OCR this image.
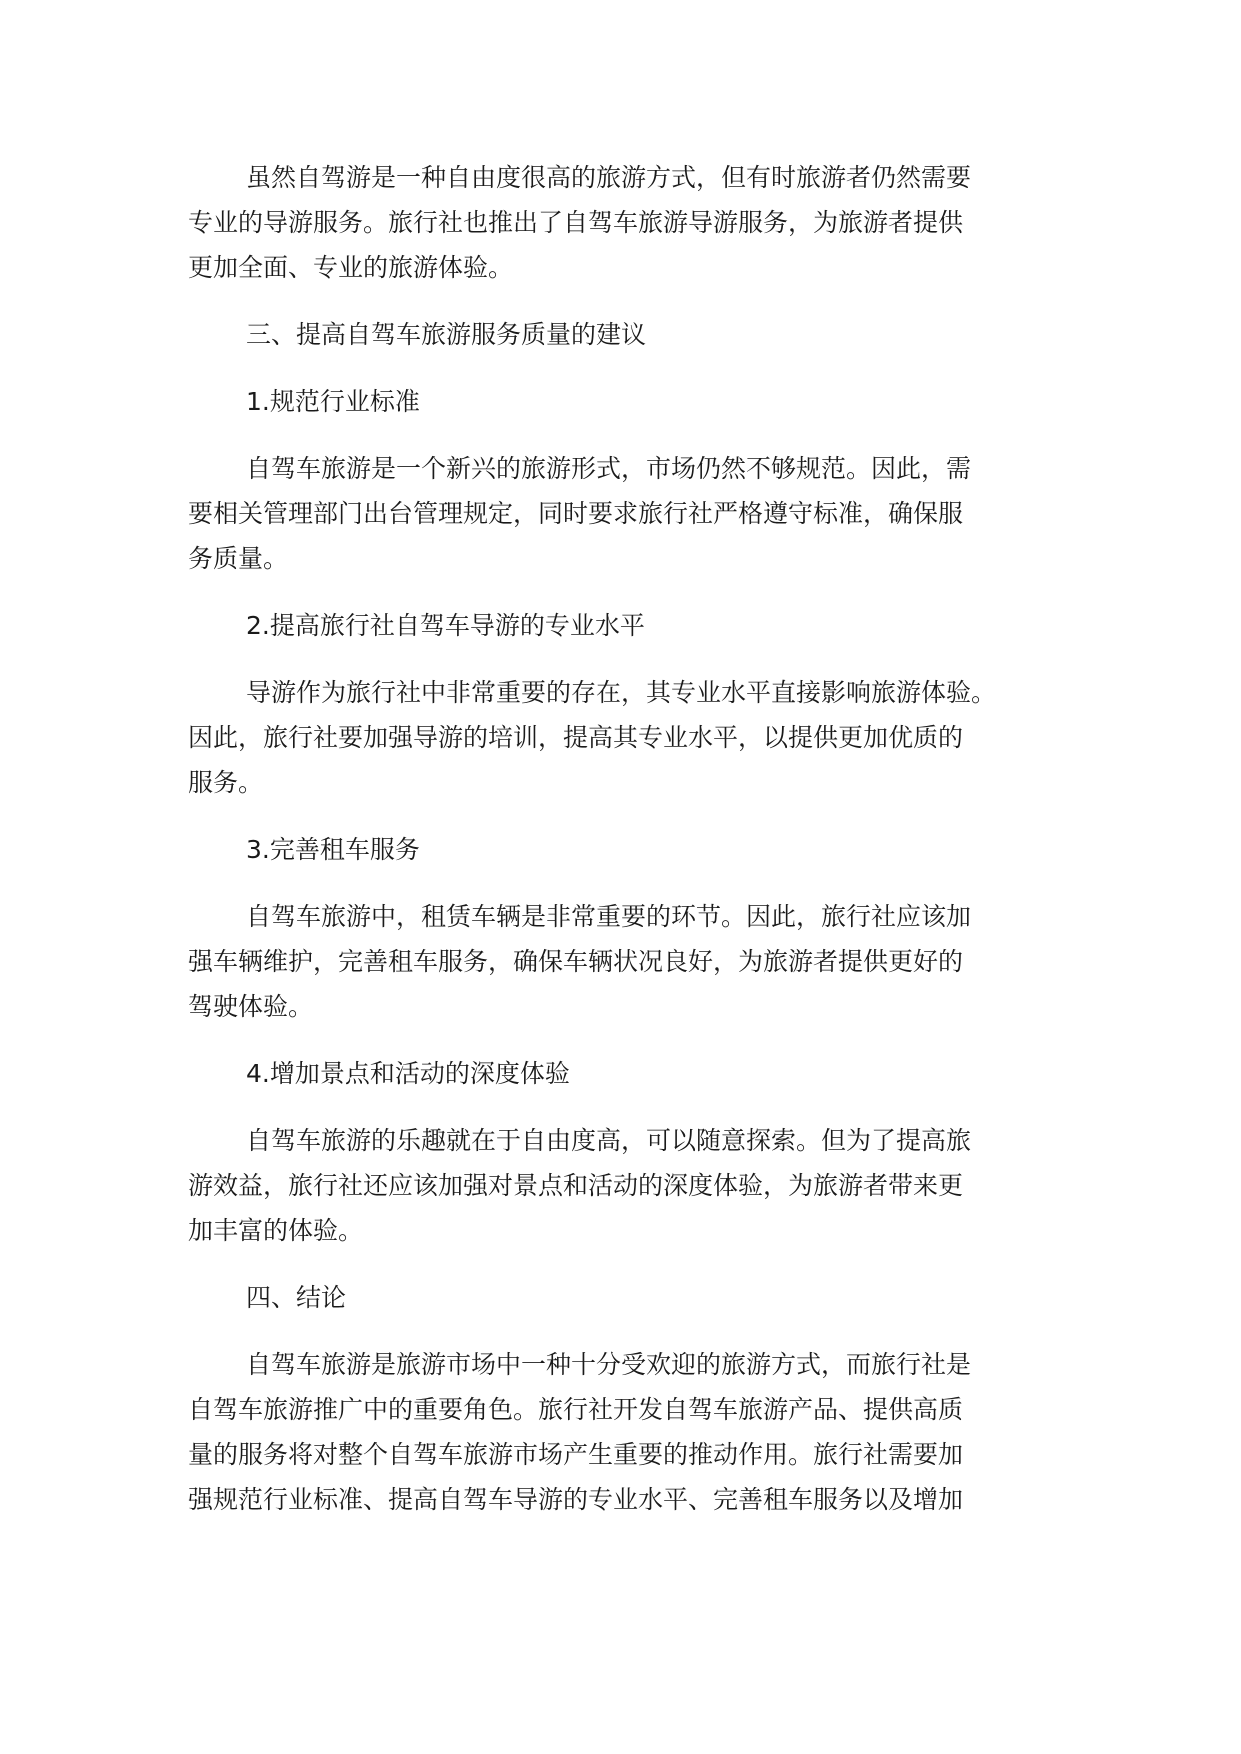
虽然自驾游是一种自由度很高的旅游方式，但有时旅游者仍然需要
专业的导游服务。旅行社也推出了自驾车旅游导游服务，为旅游者提供
更加全面、专业的旅游体验。
三、提高自驾车旅游服务质量的建议
1.规范行业标准
自驾车旅游是一个新兴的旅游形式，市场仍然不够规范。因此，需
要相关管理部门出台管理规定，同时要求旅行社严格遵守标准，确保服
务质量。
2.提高旅行社自驾车导游的专业水平
导游作为旅行社中非常重要的存在，其专业水平直接影响旅游体验。
因此，旅行社要加强导游的培训，提高其专业水平，以提供更加优质的
服务。
3.完善租车服务
自驾车旅游中，租赁车辆是非常重要的环节。因此，旅行社应该加
强车辆维护，完善租车服务，确保车辆状况良好，为旅游者提供更好的
驾驶体验。
4.增加景点和活动的深度体验
自驾车旅游的乐趣就在于自由度高，可以随意探索。但为了提高旅
游效益，旅行社还应该加强对景点和活动的深度体验，为旅游者带来更
加丰富的体验。
四、结论
自驾车旅游是旅游市场中一种十分受欢迎的旅游方式，而旅行社是
自驾车旅游推广中的重要角色。旅行社开发自驾车旅游产品、提供高质
量的服务将对整个自驾车旅游市场产生重要的推动作用。旅行社需要加
强规范行业标准、提高自驾车导游的专业水平、完善租车服务以及增加
